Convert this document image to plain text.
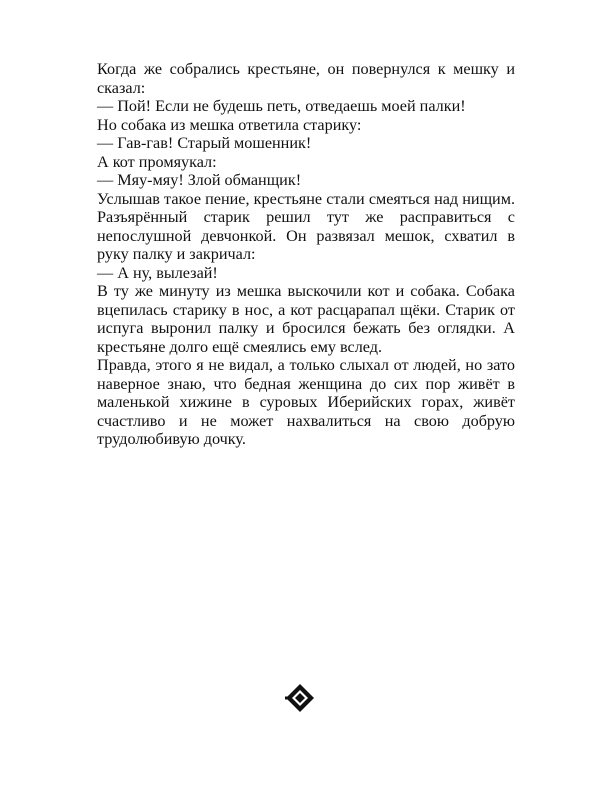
Когда же собрались крестьяне, он повернулся к мешку и сказал:

— Пой! Если не будешь петь, отведаешь моей палки!

Но собака из мешка ответила старику:

— Гав-гав! Старый мошенник!

А кот промяукал:

— Мяу-мяу! Злой обманщик!

Услышав такое пение, крестьяне стали смеяться над нищим. Разъярённый старик решил тут же расправиться с непослушной девчонкой. Он развязал мешок, схватил в руку палку и закричал:

— А ну, вылезай!

В ту же минуту из мешка выскочили кот и собака. Собака вцепилась старику в нос, а кот расцарапал щёки. Старик от испуга выронил палку и бросился бежать без оглядки. А крестьяне долго ещё смеялись ему вслед.

Правда, этого я не видал, а только слыхал от людей, но зато наверное знаю, что бедная женщина до сих пор живёт в маленькой хижине в суровых Иберийских горах, живёт счастливо и не может нахвалиться на свою добрую трудолюбивую дочку.
